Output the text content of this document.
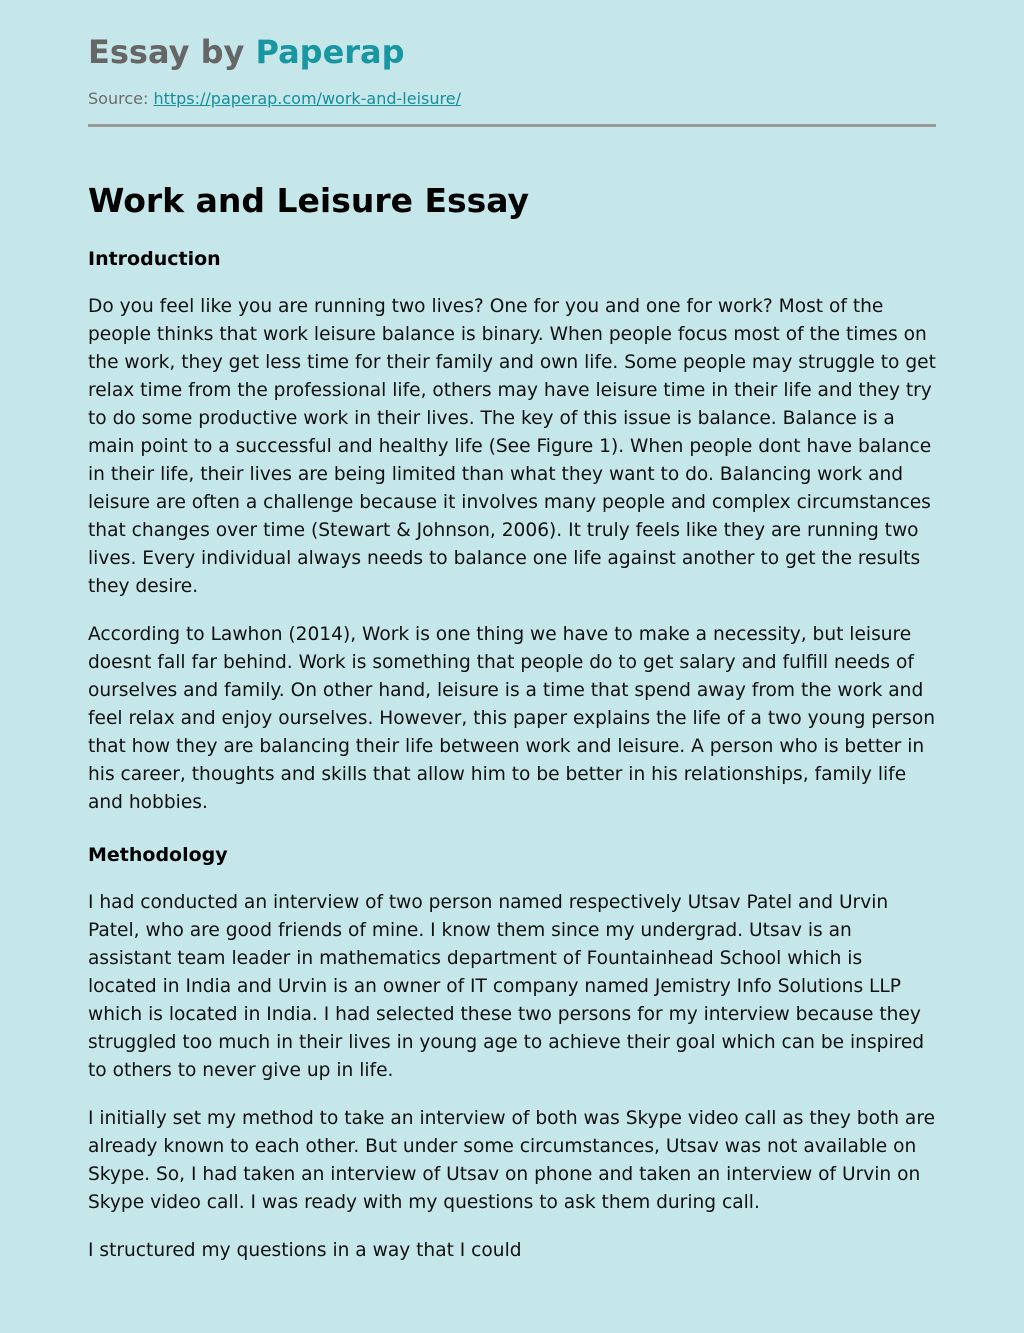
Essay by Paperap
Source: https://paperap.com/work-and-leisure/
Work and Leisure Essay
Introduction

Do you feel like you are running two lives? One for you and one for work? Most of the people thinks that work leisure balance is binary. When people focus most of the times on the work, they get less time for their family and own life. Some people may struggle to get relax time from the professional life, others may have leisure time in their life and they try to do some productive work in their lives. The key of this issue is balance. Balance is a main point to a successful and healthy life (See Figure 1). When people dont have balance in their life, their lives are being limited than what they want to do. Balancing work and leisure are often a challenge because it involves many people and complex circumstances that changes over time (Stewart & Johnson, 2006). It truly feels like they are running two lives. Every individual always needs to balance one life against another to get the results they desire.

According to Lawhon (2014), Work is one thing we have to make a necessity, but leisure doesnt fall far behind. Work is something that people do to get salary and fulfill needs of ourselves and family. On other hand, leisure is a time that spend away from the work and feel relax and enjoy ourselves. However, this paper explains the life of a two young person that how they are balancing their life between work and leisure. A person who is better in his career, thoughts and skills that allow him to be better in his relationships, family life and hobbies.

Methodology

I had conducted an interview of two person named respectively Utsav Patel and Urvin Patel, who are good friends of mine. I know them since my undergrad. Utsav is an assistant team leader in mathematics department of Fountainhead School which is located in India and Urvin is an owner of IT company named Jemistry Info Solutions LLP which is located in India. I had selected these two persons for my interview because they struggled too much in their lives in young age to achieve their goal which can be inspired to others to never give up in life.

I initially set my method to take an interview of both was Skype video call as they both are already known to each other. But under some circumstances, Utsav was not available on Skype. So, I had taken an interview of Utsav on phone and taken an interview of Urvin on Skype video call. I was ready with my questions to ask them during call.

I structured my questions in a way that I could
